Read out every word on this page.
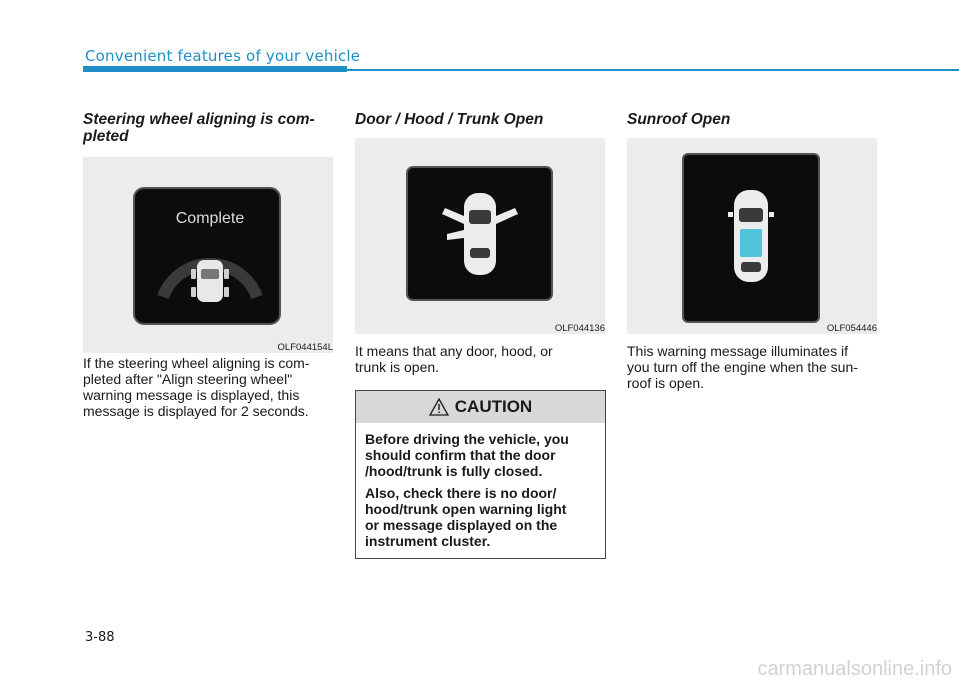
Convenient features of your vehicle
Steering wheel aligning is com-
pleted
Complete
OLF044154L
If the steering wheel aligning is com-
pleted after "Align steering wheel"
warning message is displayed, this
message is displayed for 2 seconds.
Door / Hood / Trunk Open
OLF044136
It means that any door, hood, or
trunk is open.
CAUTION

Before driving the vehicle, you
should confirm that the door
/hood/trunk is fully closed.

Also, check there is no door/
hood/trunk open warning light
or message displayed on the
instrument cluster.

Sunroof Open
OLF054446
This warning message illuminates if
you turn off the engine when the sun-
roof is open.
3-88
carmanualsonline.info
